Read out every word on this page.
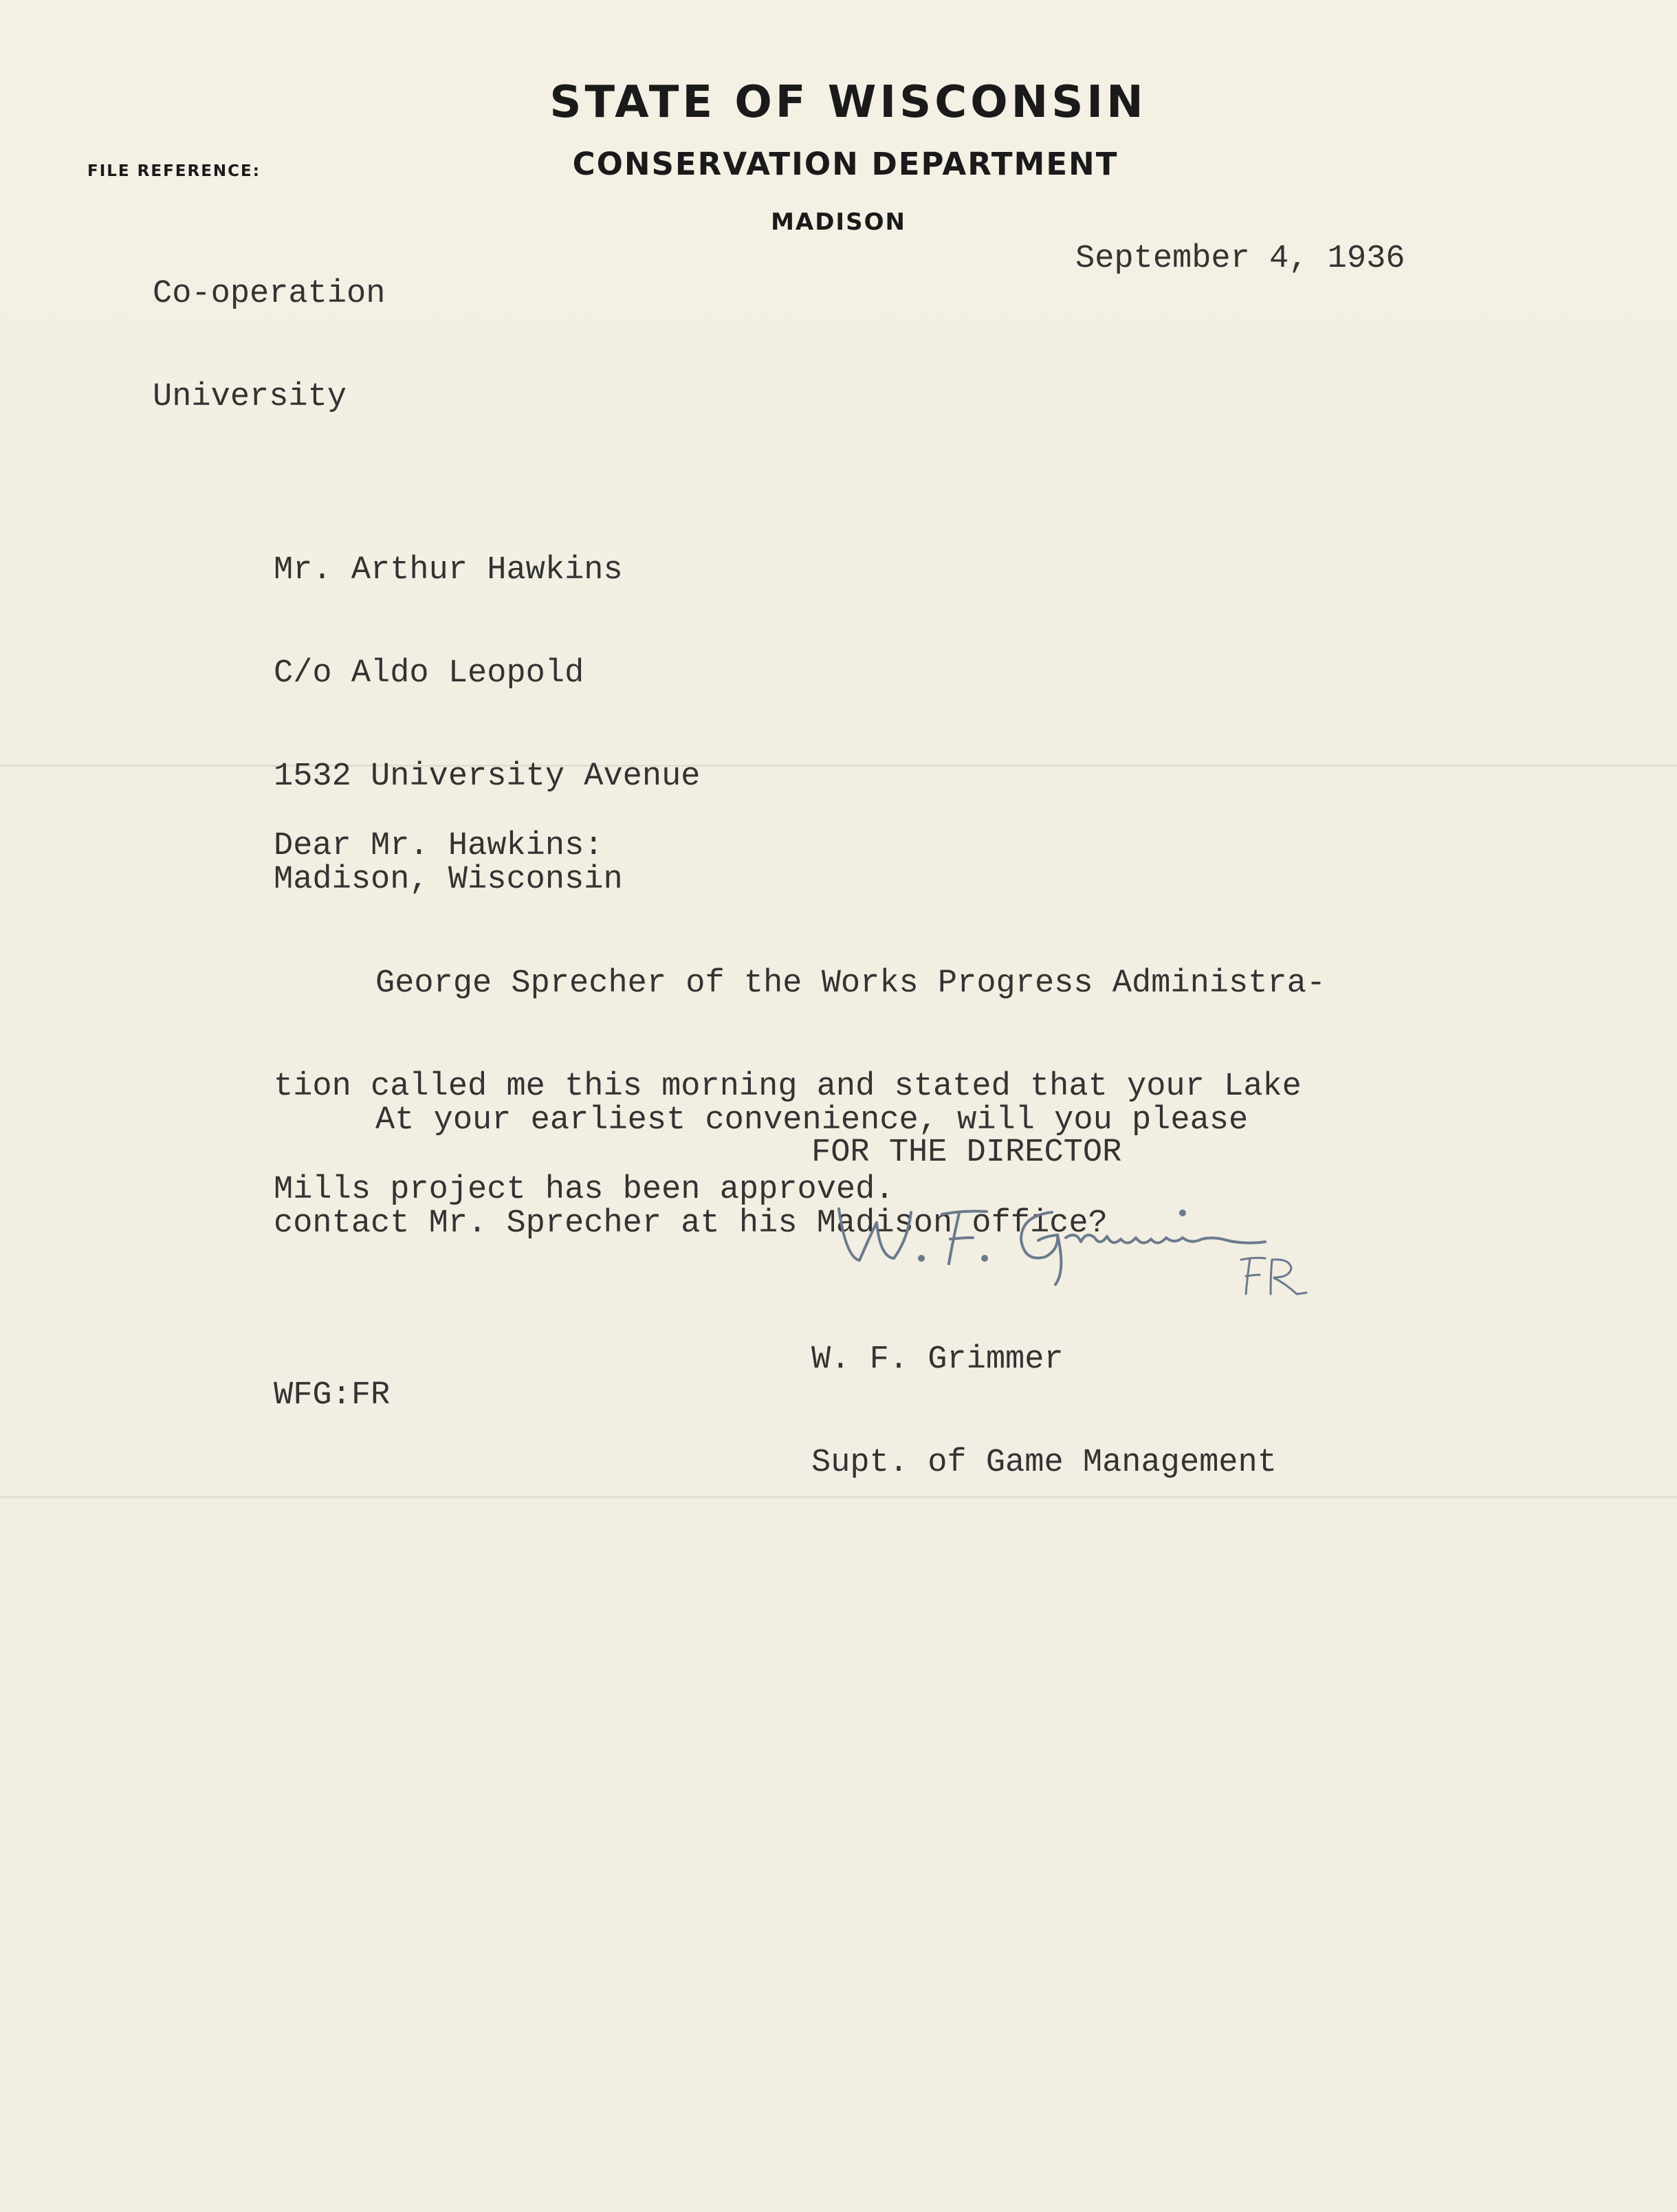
STATE OF WISCONSIN
CONSERVATION DEPARTMENT
FILE REFERENCE:
MADISON

Co-operation

University

September 4, 1936

Mr. Arthur Hawkins

C/o Aldo Leopold

1532 University Avenue

Madison, Wisconsin

Dear Mr. Hawkins:

George Sprecher of the Works Progress Administra-

tion called me this morning and stated that your Lake

Mills project has been approved.

At your earliest convenience, will you please

contact Mr. Sprecher at his Madison office?

FOR THE DIRECTOR

W. F. Grimmer

Supt. of Game Management

WFG:FR
